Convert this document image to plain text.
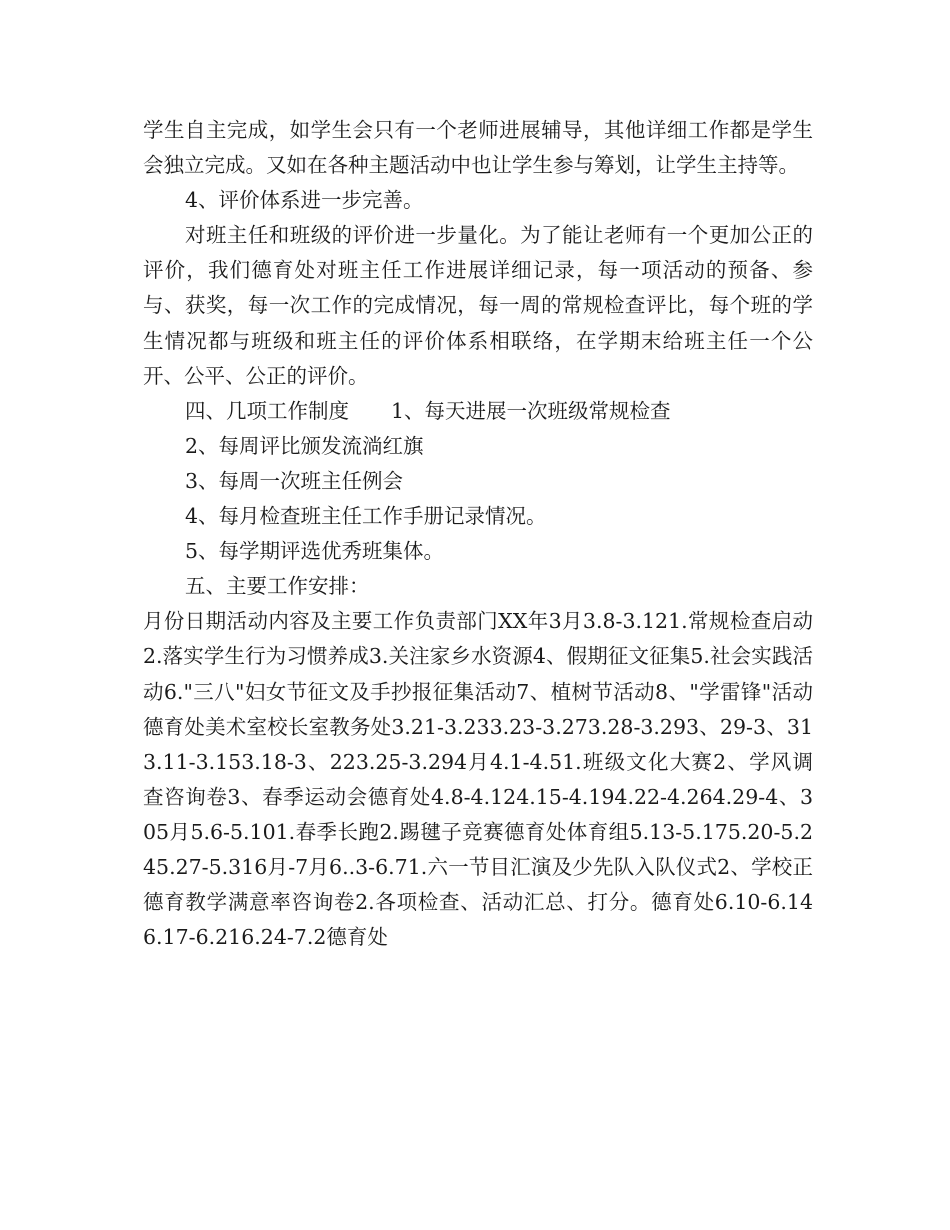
学生自主完成，如学生会只有一个老师进展辅导，其他详细工作都是学生会独立完成。又如在各种主题活动中也让学生参与筹划，让学生主持等。

4、评价体系进一步完善。

对班主任和班级的评价进一步量化。为了能让老师有一个更加公正的评价，我们德育处对班主任工作进展详细记录，每一项活动的预备、参与、获奖，每一次工作的完成情况，每一周的常规检查评比，每个班的学生情况都与班级和班主任的评价体系相联络，在学期末给班主任一个公开、公平、公正的评价。

四、几项工作制度 1、每天进展一次班级常规检查

2、每周评比颁发流淌红旗

3、每周一次班主任例会

4、每月检查班主任工作手册记录情况。

5、每学期评选优秀班集体。

五、主要工作安排：

月份日期活动内容及主要工作负责部门XX年3月3.8-3.121.常规检查启动2.落实学生行为习惯养成3.关注家乡水资源4、假期征文征集5.社会实践活动6."三八"妇女节征文及手抄报征集活动7、植树节活动8、"学雷锋"活动德育处美术室校长室教务处3.21-3.233.23-3.273.28-3.293、29-3、313.11-3.153.18-3、223.25-3.294月4.1-4.51.班级文化大赛2、学风调查咨询卷3、春季运动会德育处4.8-4.124.15-4.194.22-4.264.29-4、305月5.6-5.101.春季长跑2.踢毽子竞赛德育处体育组5.13-5.175.20-5.245.27-5.316月-7月6..3-6.71.六一节目汇演及少先队入队仪式2、学校正德育教学满意率咨询卷2.各项检查、活动汇总、打分。德育处6.10-6.146.17-6.216.24-7.2德育处
